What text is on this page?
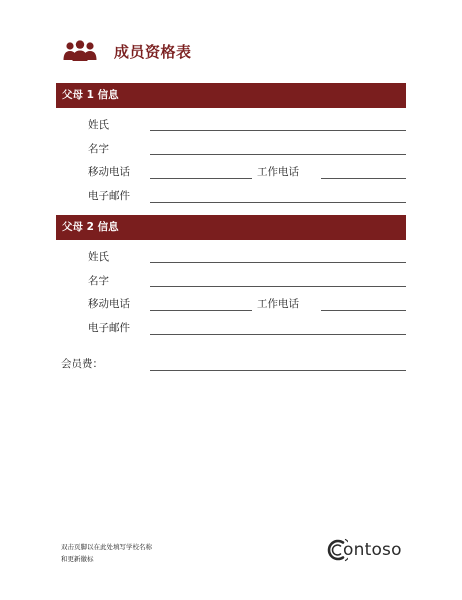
成员资格表
父母 1 信息
姓氏
名字
移动电话	工作电话
电子邮件
父母 2 信息
姓氏
名字
移动电话	工作电话
电子邮件
会员费：
双击页脚以在此处填写学校名称
和更新徽标	ontoso
